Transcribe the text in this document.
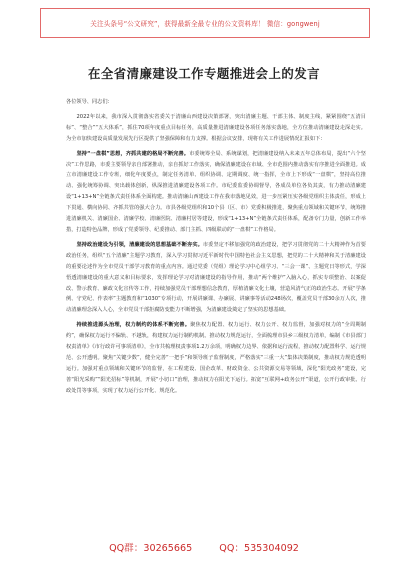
关注头条号“公文研究”，获得最新全最专业的公文资料库！ 微信：gongwenj
在全省清廉建设工作专题推进会上的发言

各位领导、同志们：

2022年以来，我市深入贯彻落实省委关于清廉山西建设决策部署，突出清廉主题、干部主体、制度主线，紧紧围绕“五清目标”、“整合”“五大体系”，抓住70项年度重点目标任务，高质量推进清廉建设各项任务落实落地，全方位推动清廉建设走深走实。为全市加快建设高质量发展先行区提供了坚强保障和有力支撑。根据会议安排，现将有关工作进展情况汇报如下：

坚持“一盘棋”思想，齐抓共建的格局不断完善。市委统筹全局、系统谋划，把清廉建设纳入未来五年总体布局，提出“六个坚决”工作思路，市委主要领导亲自部署推动，亲自抓好工作落实，确保清廉建设在市域、全市范围内推动落实有序推进全面推进。成立市清廉建设工作专班，细化年度要点，制定任务清单、组织协调、定期调度、统一指挥，全市上下形成“一盘棋”，坚持高位推动、强化统筹协调、突出载体创新，纵深推进清廉建设各项工作。市纪委监委协调督导，各成员单位各负其责，有力推动清廉建设“1+13+N”全链条式责任体系全面构建。推动清廉山西建设工作在我市落地见效，进一步压紧压实各级党组织主体责任，形成上下贯通、横向协同、齐抓共管的强大合力。市县各级党组织和10个县（区、市）党委积极推进，聚焦重点领域和关键环节，统筹推进清廉机关、清廉国企、清廉学校、清廉医院、清廉村居等建设，形成“1+13+N”全链条式责任体系，配备专门力量，创新工作举措，打造特色品牌，形成了党委领导、纪委推动、部门主抓、四级联动的“一盘棋”工作格局。

坚持政治建设为引领，清廉建设的思想基础不断夯实。市委坚定不移加强党的政治建设，把学习贯彻党的二十大精神作为首要政治任务，组织“五个清廉”主题学习教育，深入学习贯彻习近平新时代中国特色社会主义思想，把党的二十大精神和关于清廉建设的重要论述作为全市党员干部学习教育的重点内容。通过党委（党组）理论学习中心组学习、“三会一课”、主题党日等形式，学深悟透清廉建设的重大意义和目标要求，发挥理论学习对清廉建设的指导作用，推动“两个维护”入脑入心，抓实专项整治、以案促改、警示教育、廉政文化宣传等工作，持续加强党员干部理想信念教育，厚植清廉文化土壤，营造风清气正的政治生态。开展“学条例、守党纪、作表率”主题教育和“1030”专项行动，开展讲廉课、办廉展、讲廉事等活动248场次，覆盖党员干部30余万人次，推动清廉理念深入人心，全市党员干部拒腐防变能力不断增强，为清廉建设奠定了坚实的思想基础。

持续推进源头治理，权力制约的体系不断完善。聚焦权力配置、权力运行、权力公开、权力监督，加强对权力的“全周期制约”，确保权力运行不偏轨、不越轨，构建权力运行制约机制。推动权力规范运行，全面梳理市县乡三级权力清单，编制《市县部门权责清单》《市行政许可事项清单》，全市共梳理权责事项1.2万余项，明确权力边界、依据和运行流程，推动权力配置科学、运行规范、公开透明。聚焦“关键少数”，健全完善“一把手”和领导班子监督制度，严格落实“三重一大”集体决策制度，推动权力规范透明运行。加强对重点领域和关键环节的监督，在工程建设、国企改革、财政资金、公共资源交易等领域，深化“阳光政务”建设，完善“阳光采购”“阳光招标”等机制，开展“小切口”治理，推动权力在阳光下运行。拓宽“互联网+政务公开”渠道，公开行政审批、行政处罚等事项，实现了权力运行公开化、规范化。

QQ群：30265665	QQ：535304092
